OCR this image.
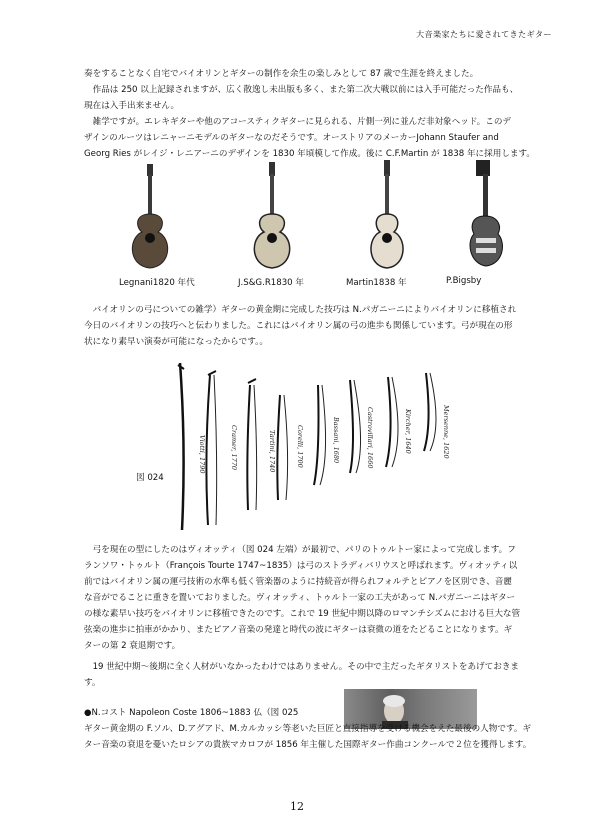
大音楽家たちに愛されてきたギター
奏をすることなく自宅でバイオリンとギターの制作を余生の楽しみとして 87 歳で生涯を終えました。
　作品は 250 以上記録されますが、広く散逸し未出版も多く、また第二次大戦以前には入手可能だった作品も、
現在は入手出来ません。
　雑学ですが。エレキギターや他のアコースティクギターに見られる、片側一列に並んだ非対象ヘッド。このデ
ザインのルーツはレニャーニモデルのギターなのだそうです。オーストリアのメーカーJohann Staufer and
Georg Ries がレイジ・レニアーニのデザインを 1830 年頃模して作成。後に C.F.Martin が 1838 年に採用します。
Legnani1820 年代	J.S&G.R1830 年	Martin1838 年	P.Bigsby
　バイオリンの弓についての雑学）ギターの黄金期に完成した技巧は N.パガニーニによりバイオリンに移植され
今日のバイオリンの技巧へと伝わりました。これにはバイオリン属の弓の進歩も関係しています。弓が現在の形
状になり素早い演奏が可能になったからです。。
図 024
Viotti, 1790	Cramer, 1770	Tartini, 1740	Corelli, 1700	Bassani, 1680	Castrovillari, 1660	Kircher, 1640	Mersenne, 1620
　弓を現在の型にしたのはヴィオッティ（図 024 左端）が最初で、パリのトゥルトー家によって完成します。フ
ランソワ・トゥルト（François Tourte 1747~1835）は弓のストラディバリウスと呼ばれます。ヴィオッティ以
前ではバイオリン属の運弓技術の水準も低く管楽器のように持続音が得られフォルテとピアノを区別でき、音麗
な音がでることに重きを置いておりました。ヴィオッティ、トゥルト一家の工夫があって N.パガニーニはギター
の様な素早い技巧をバイオリンに移植できたのです。これで 19 世紀中期以降のロマンチシズムにおける巨大な管
弦楽の進歩に拍車がかかり、またピアノ音楽の発達と時代の波にギターは衰微の道をたどることになります。ギ
ターの第 2 衰退期です。
　19 世紀中期～後期に全く人材がいなかったわけではありません。その中で主だったギタリストをあげておきま
す。
●N.コスト Napoleon Coste 1806~1883 仏（図 025
ギター黄金期の F.ソル、D.アグアド、M.カルカッシ等老いた巨匠と直接指導を受ける機会をえた最後の人物です。ギ
ター音楽の衰退を憂いたロシアの貴族マカロフが 1856 年主催した国際ギター作曲コンクールで２位を獲得します。
12
